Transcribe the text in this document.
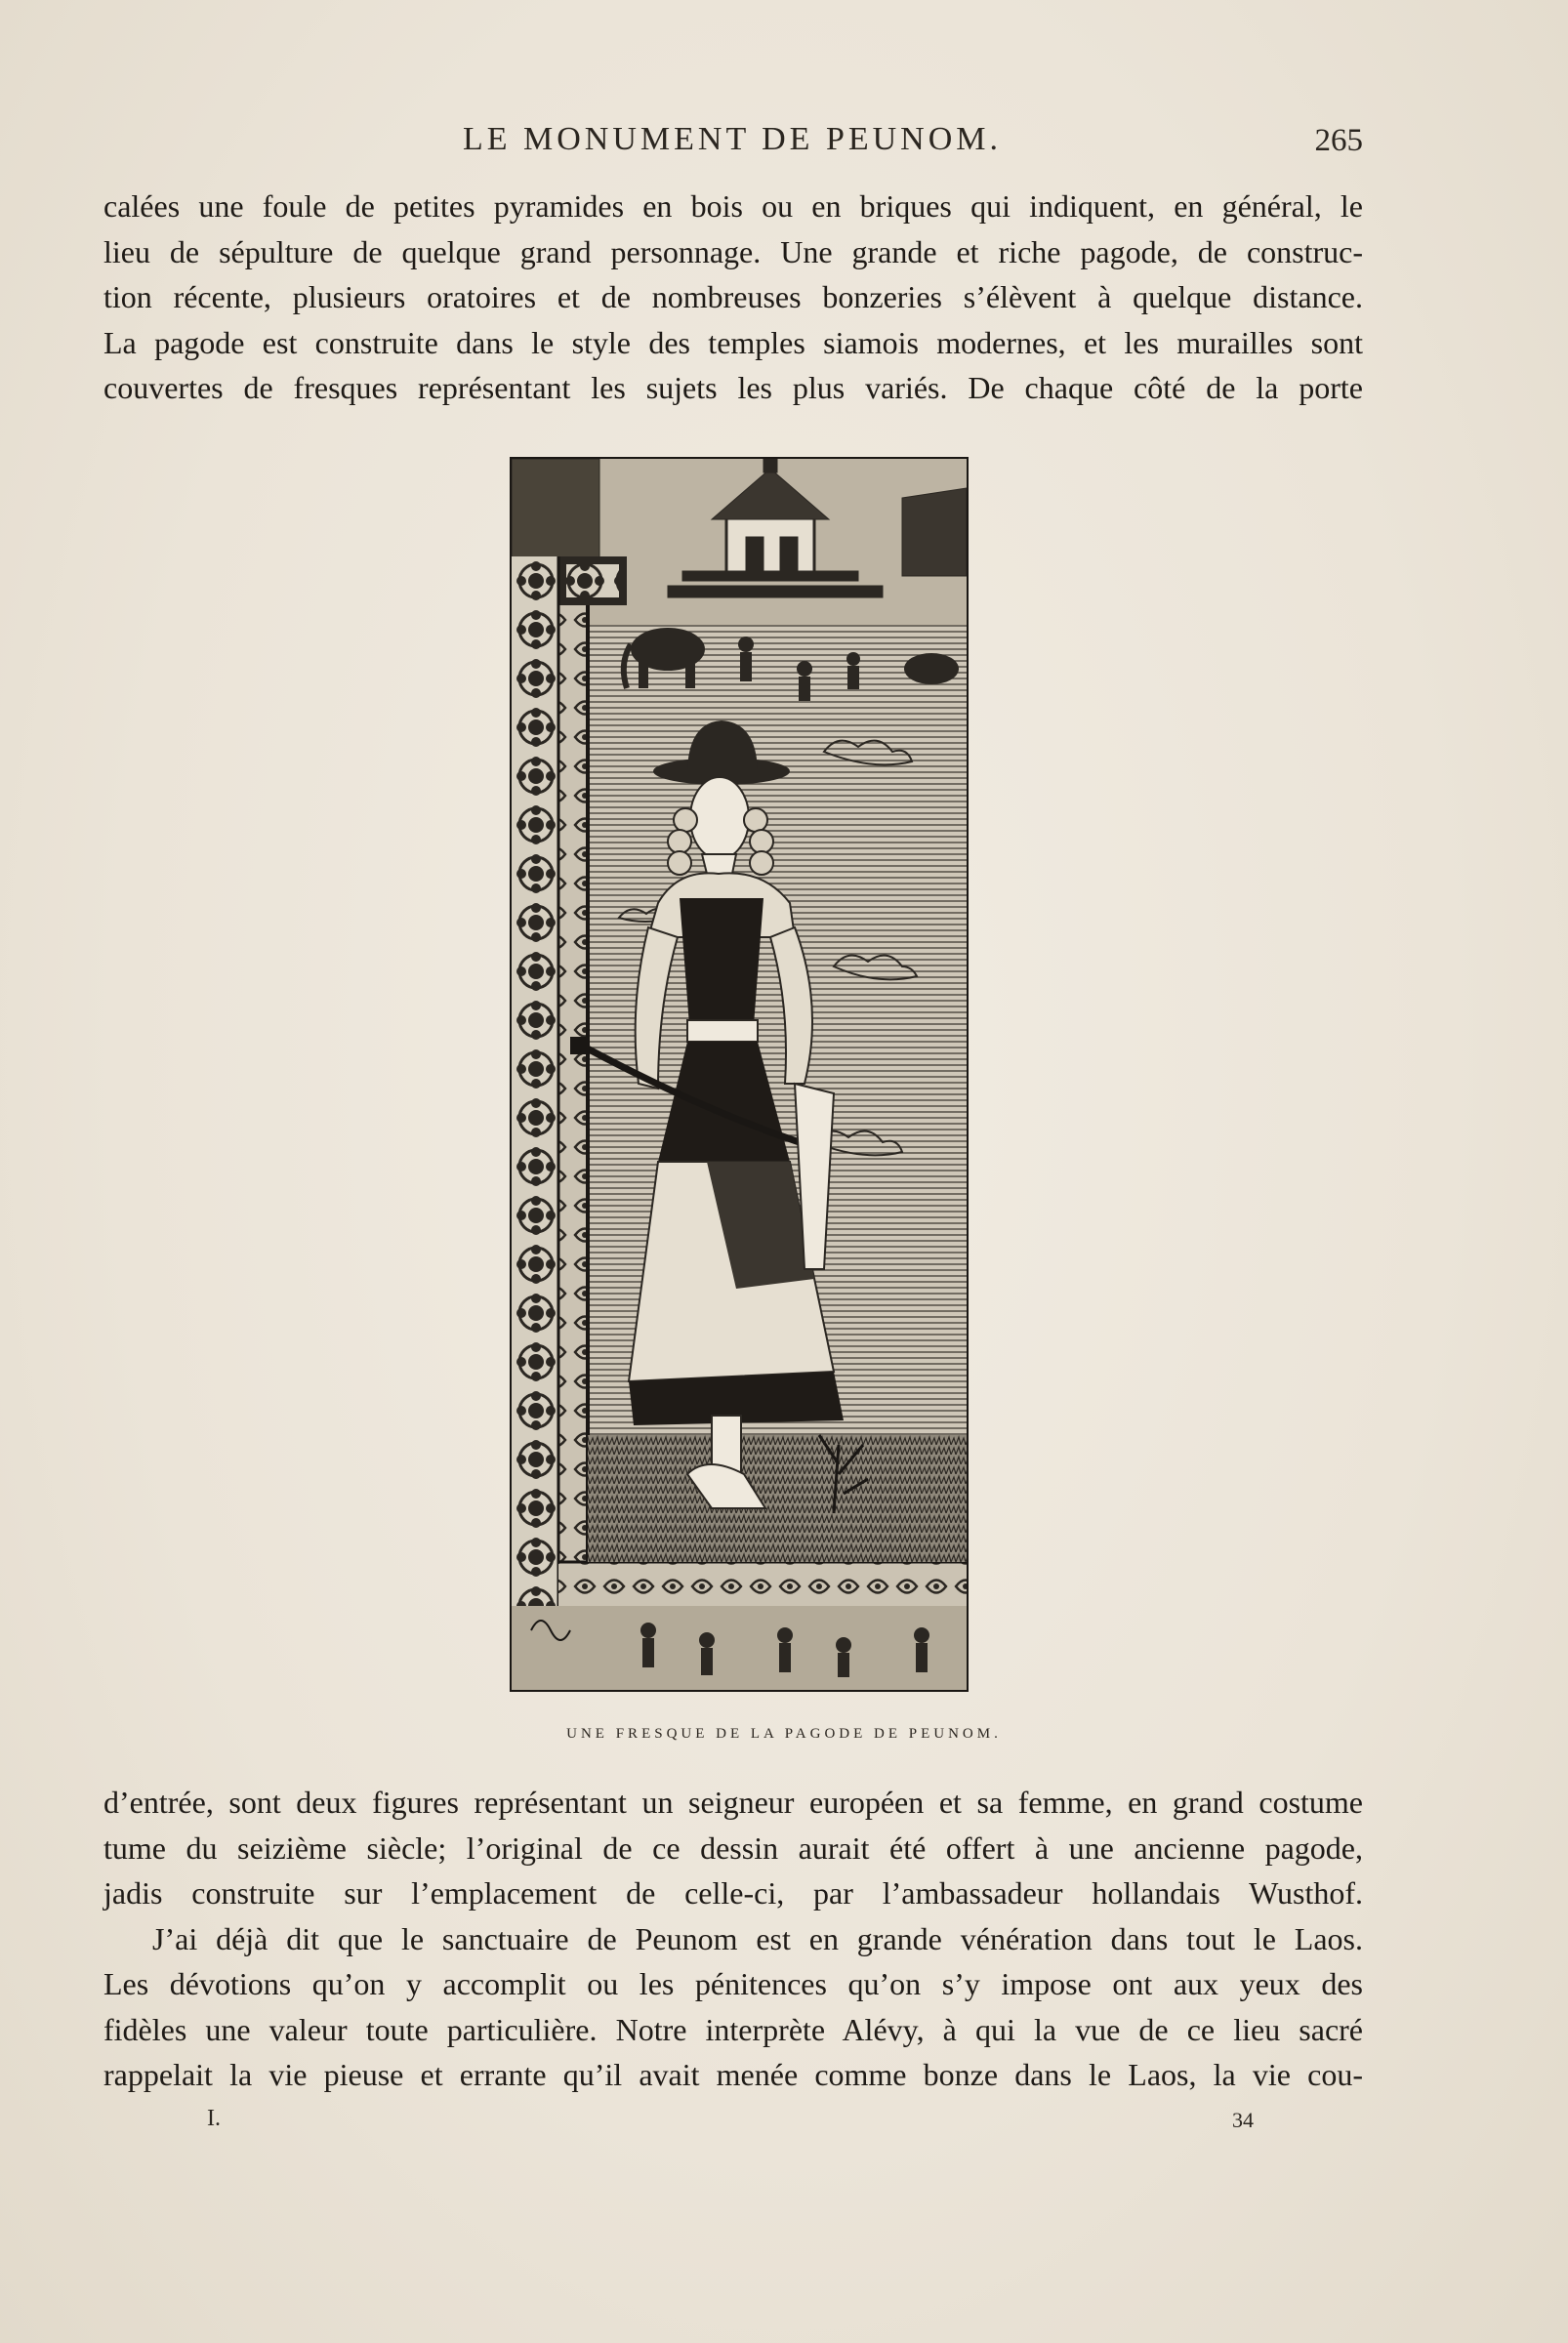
LE MONUMENT DE PEUNOM.	265
calées une foule de petites pyramides en bois ou en briques qui indiquent, en général, le
lieu de sépulture de quelque grand personnage. Une grande et riche pagode, de construc-
tion récente, plusieurs oratoires et de nombreuses bonzeries s’élèvent à quelque distance.
La pagode est construite dans le style des temples siamois modernes, et les murailles sont
couvertes de fresques représentant les sujets les plus variés. De chaque côté de la porte
UNE FRESQUE DE LA PAGODE DE PEUNOM.
d’entrée, sont deux figures représentant un seigneur européen et sa femme, en grand costume
tume du seizième siècle; l’original de ce dessin aurait été offert à une ancienne pagode,
jadis construite sur l’emplacement de celle-ci, par l’ambassadeur hollandais Wusthof.
J’ai déjà dit que le sanctuaire de Peunom est en grande vénération dans tout le Laos.
Les dévotions qu’on y accomplit ou les pénitences qu’on s’y impose ont aux yeux des
fidèles une valeur toute particulière. Notre interprète Alévy, à qui la vue de ce lieu sacré
rappelait la vie pieuse et errante qu’il avait menée comme bonze dans le Laos, la vie cou-
I.	34
